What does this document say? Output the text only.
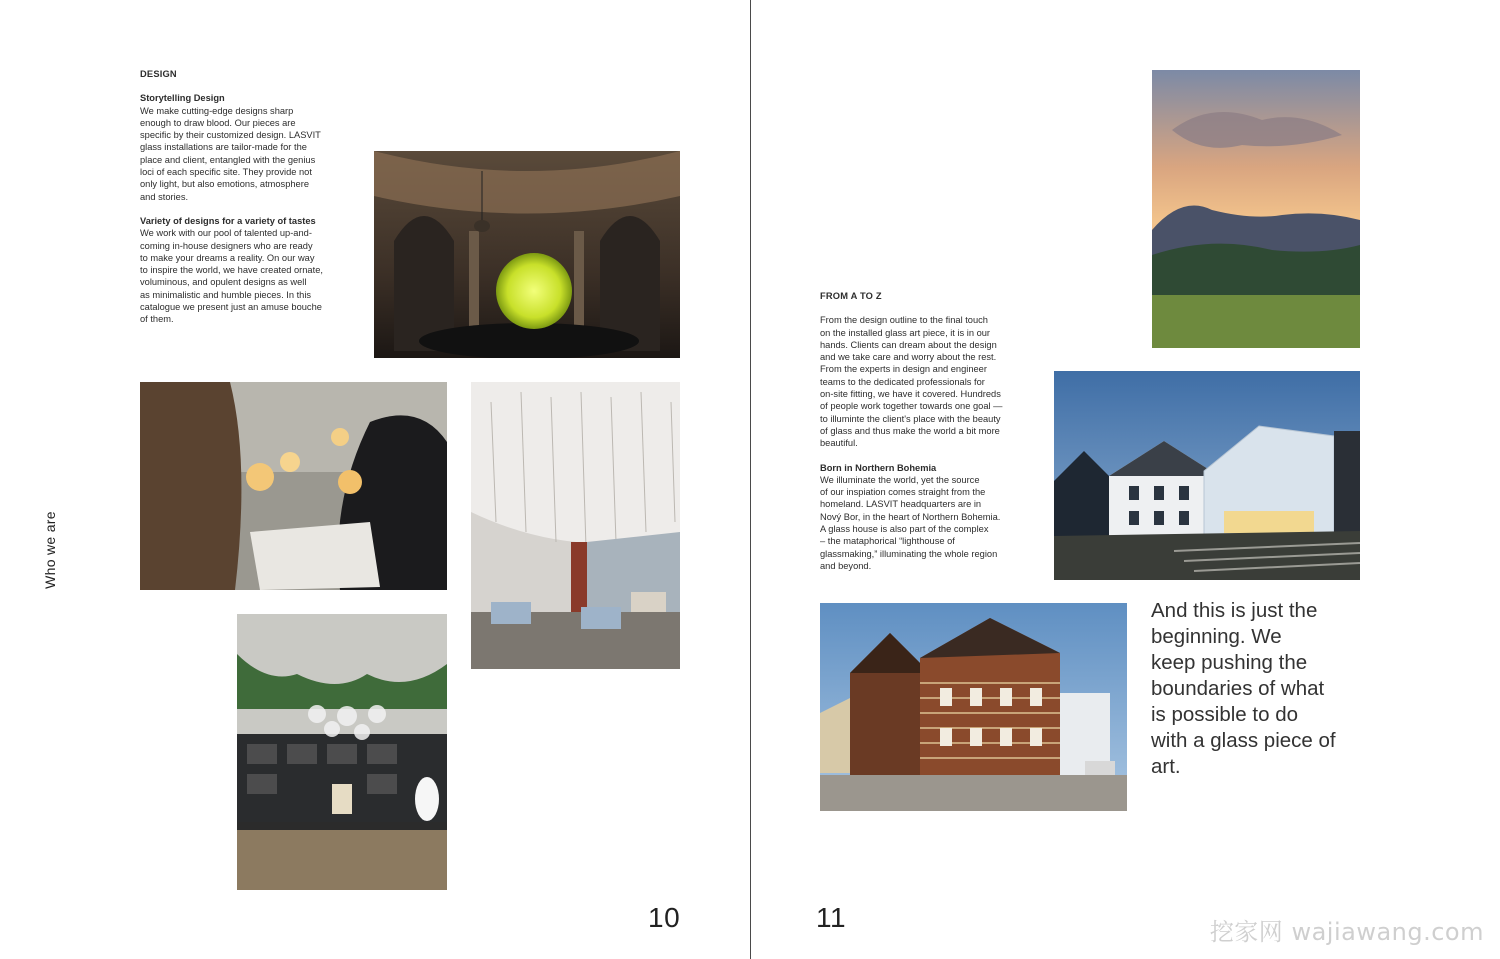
Who we are

DESIGN

Storytelling Design

We make cutting-edge designs sharp

enough to draw blood. Our pieces are

specific by their customized design. LASVIT

glass installations are tailor-made for the

place and client, entangled with the genius

loci of each specific site. They provide not

only light, but also emotions, atmosphere

and stories.

Variety of designs for a variety of tastes

We work with our pool of talented up-and-

coming in-house designers who are ready

to make your dreams a reality. On our way

to inspire the world, we have created ornate,

voluminous, and opulent designs as well

as minimalistic and humble pieces. In this

catalogue we present just an amuse bouche

of them.

10

FROM A TO Z

From the design outline to the final touch

on the installed glass art piece, it is in our

hands. Clients can dream about the design

and we take care and worry about the rest.

From the experts in design and engineer

teams to the dedicated professionals for

on-site fitting, we have it covered. Hundreds

of people work together towards one goal —

to illuminte the client's place with the beauty

of glass and thus make the world a bit more

beautiful.

Born in Northern Bohemia

We illuminate the world, yet the source

of our inspiation comes straight from the

homeland. LASVIT headquarters are in

Nový Bor, in the heart of Northern Bohemia.

A glass house is also part of the complex

– the mataphorical “lighthouse of

glassmaking,” illuminating the whole region

and beyond.

And this is just the
beginning. We
keep pushing the
boundaries of what
is possible to do
with a glass piece of
art.
11	挖家网 wajiawang.com
